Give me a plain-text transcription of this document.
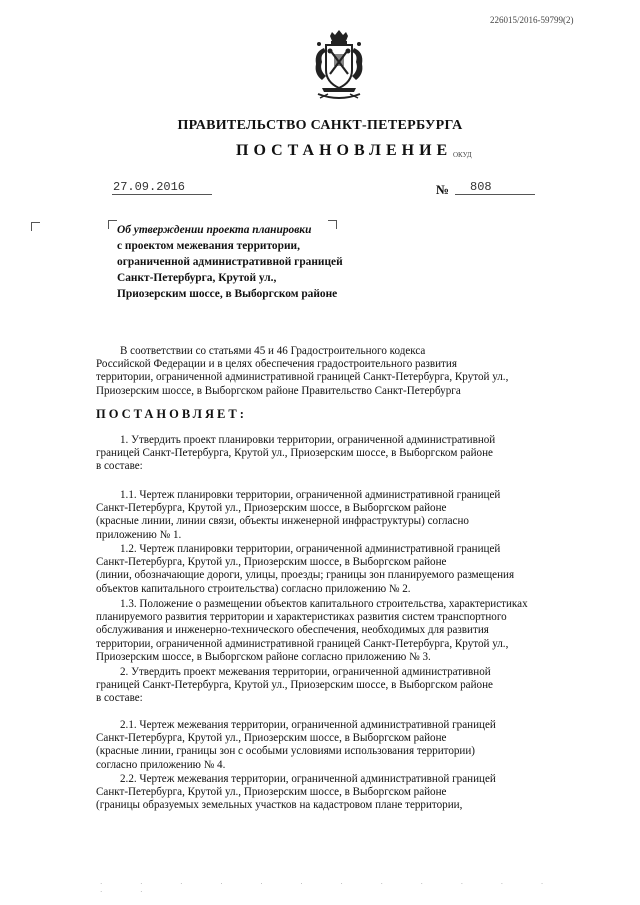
226015/2016-59799(2)
ПРАВИТЕЛЬСТВО САНКТ-ПЕТЕРБУРГА
ПОСТАНОВЛЕНИЕ ОКУД
27.09.2016	№ 808
Об утверждении проекта планировки
с проектом межевания территории,
ограниченной административной границей
Санкт-Петербурга, Крутой ул.,
Приозерским шоссе, в Выборгском районе
В соответствии со статьями 45 и 46 Градостроительного кодекса
Российской Федерации и в целях обеспечения градостроительного развития
территории, ограниченной административной границей Санкт-Петербурга, Крутой ул.,
Приозерским шоссе, в Выборгском районе Правительство Санкт-Петербурга
ПОСТАНОВЛЯЕТ:
1. Утвердить проект планировки территории, ограниченной административной
границей Санкт-Петербурга, Крутой ул., Приозерским шоссе, в Выборгском районе
в составе:
1.1. Чертеж планировки территории, ограниченной административной границей
Санкт-Петербурга, Крутой ул., Приозерским шоссе, в Выборгском районе
(красные линии, линии связи, объекты инженерной инфраструктуры) согласно
приложению № 1.
1.2. Чертеж планировки территории, ограниченной административной границей
Санкт-Петербурга, Крутой ул., Приозерским шоссе, в Выборгском районе
(линии, обозначающие дороги, улицы, проезды; границы зон планируемого размещения
объектов капитального строительства) согласно приложению № 2.
1.3. Положение о размещении объектов капитального строительства, характеристиках
планируемого развития территории и характеристиках развития систем транспортного
обслуживания и инженерно-технического обеспечения, необходимых для развития
территории, ограниченной административной границей Санкт-Петербурга, Крутой ул.,
Приозерским шоссе, в Выборгском районе согласно приложению № 3.
2. Утвердить проект межевания территории, ограниченной административной
границей Санкт-Петербурга, Крутой ул., Приозерским шоссе, в Выборгском районе
в составе:
2.1. Чертеж межевания территории, ограниченной административной границей
Санкт-Петербурга, Крутой ул., Приозерским шоссе, в Выборгском районе
(красные линии, границы зон с особыми условиями использования территории)
согласно приложению № 4.
2.2. Чертеж межевания территории, ограниченной административной границей
Санкт-Петербурга, Крутой ул., Приозерским шоссе, в Выборгском районе
(границы образуемых земельных участков на кадастровом плане территории,
· · · · · · · · · · · · · ·
